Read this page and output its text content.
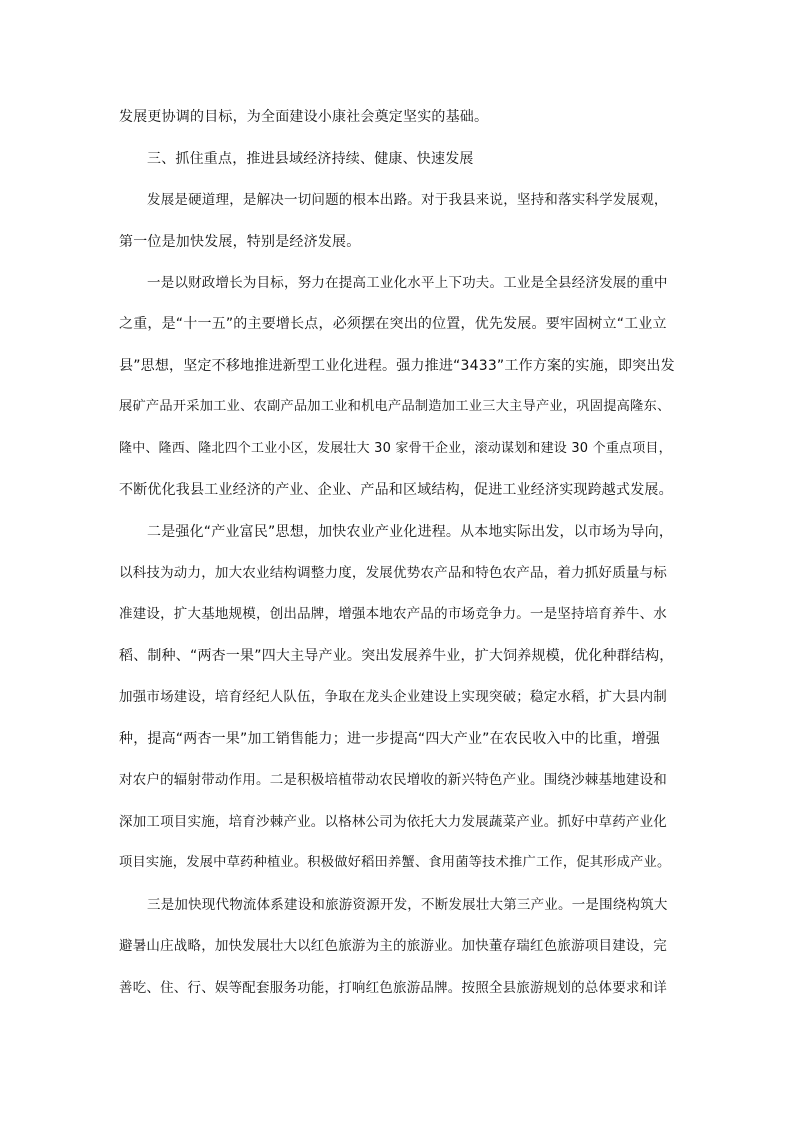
发展更协调的目标，为全面建设小康社会奠定坚实的基础。
三、抓住重点，推进县域经济持续、健康、快速发展
发展是硬道理，是解决一切问题的根本出路。对于我县来说，坚持和落实科学发展观，
第一位是加快发展，特别是经济发展。
一是以财政增长为目标，努力在提高工业化水平上下功夫。工业是全县经济发展的重中
之重，是“十一五”的主要增长点，必须摆在突出的位置，优先发展。要牢固树立“工业立
县”思想，坚定不移地推进新型工业化进程。强力推进“3433”工作方案的实施，即突出发
展矿产品开采加工业、农副产品加工业和机电产品制造加工业三大主导产业，巩固提高隆东、
隆中、隆西、隆北四个工业小区，发展壮大 30 家骨干企业，滚动谋划和建设 30 个重点项目，
不断优化我县工业经济的产业、企业、产品和区域结构，促进工业经济实现跨越式发展。
二是强化“产业富民”思想，加快农业产业化进程。从本地实际出发，以市场为导向，
以科技为动力，加大农业结构调整力度，发展优势农产品和特色农产品，着力抓好质量与标
准建设，扩大基地规模，创出品牌，增强本地农产品的市场竞争力。一是坚持培育养牛、水
稻、制种、“两杏一果”四大主导产业。突出发展养牛业，扩大饲养规模，优化种群结构，
加强市场建设，培育经纪人队伍，争取在龙头企业建设上实现突破；稳定水稻，扩大县内制
种，提高“两杏一果”加工销售能力；进一步提高“四大产业”在农民收入中的比重，增强
对农户的辐射带动作用。二是积极培植带动农民增收的新兴特色产业。围绕沙棘基地建设和
深加工项目实施，培育沙棘产业。以格林公司为依托大力发展蔬菜产业。抓好中草药产业化
项目实施，发展中草药种植业。积极做好稻田养蟹、食用菌等技术推广工作，促其形成产业。
三是加快现代物流体系建设和旅游资源开发，不断发展壮大第三产业。一是围绕构筑大
避暑山庄战略，加快发展壮大以红色旅游为主的旅游业。加快董存瑞红色旅游项目建设，完
善吃、住、行、娱等配套服务功能，打响红色旅游品牌。按照全县旅游规划的总体要求和详
